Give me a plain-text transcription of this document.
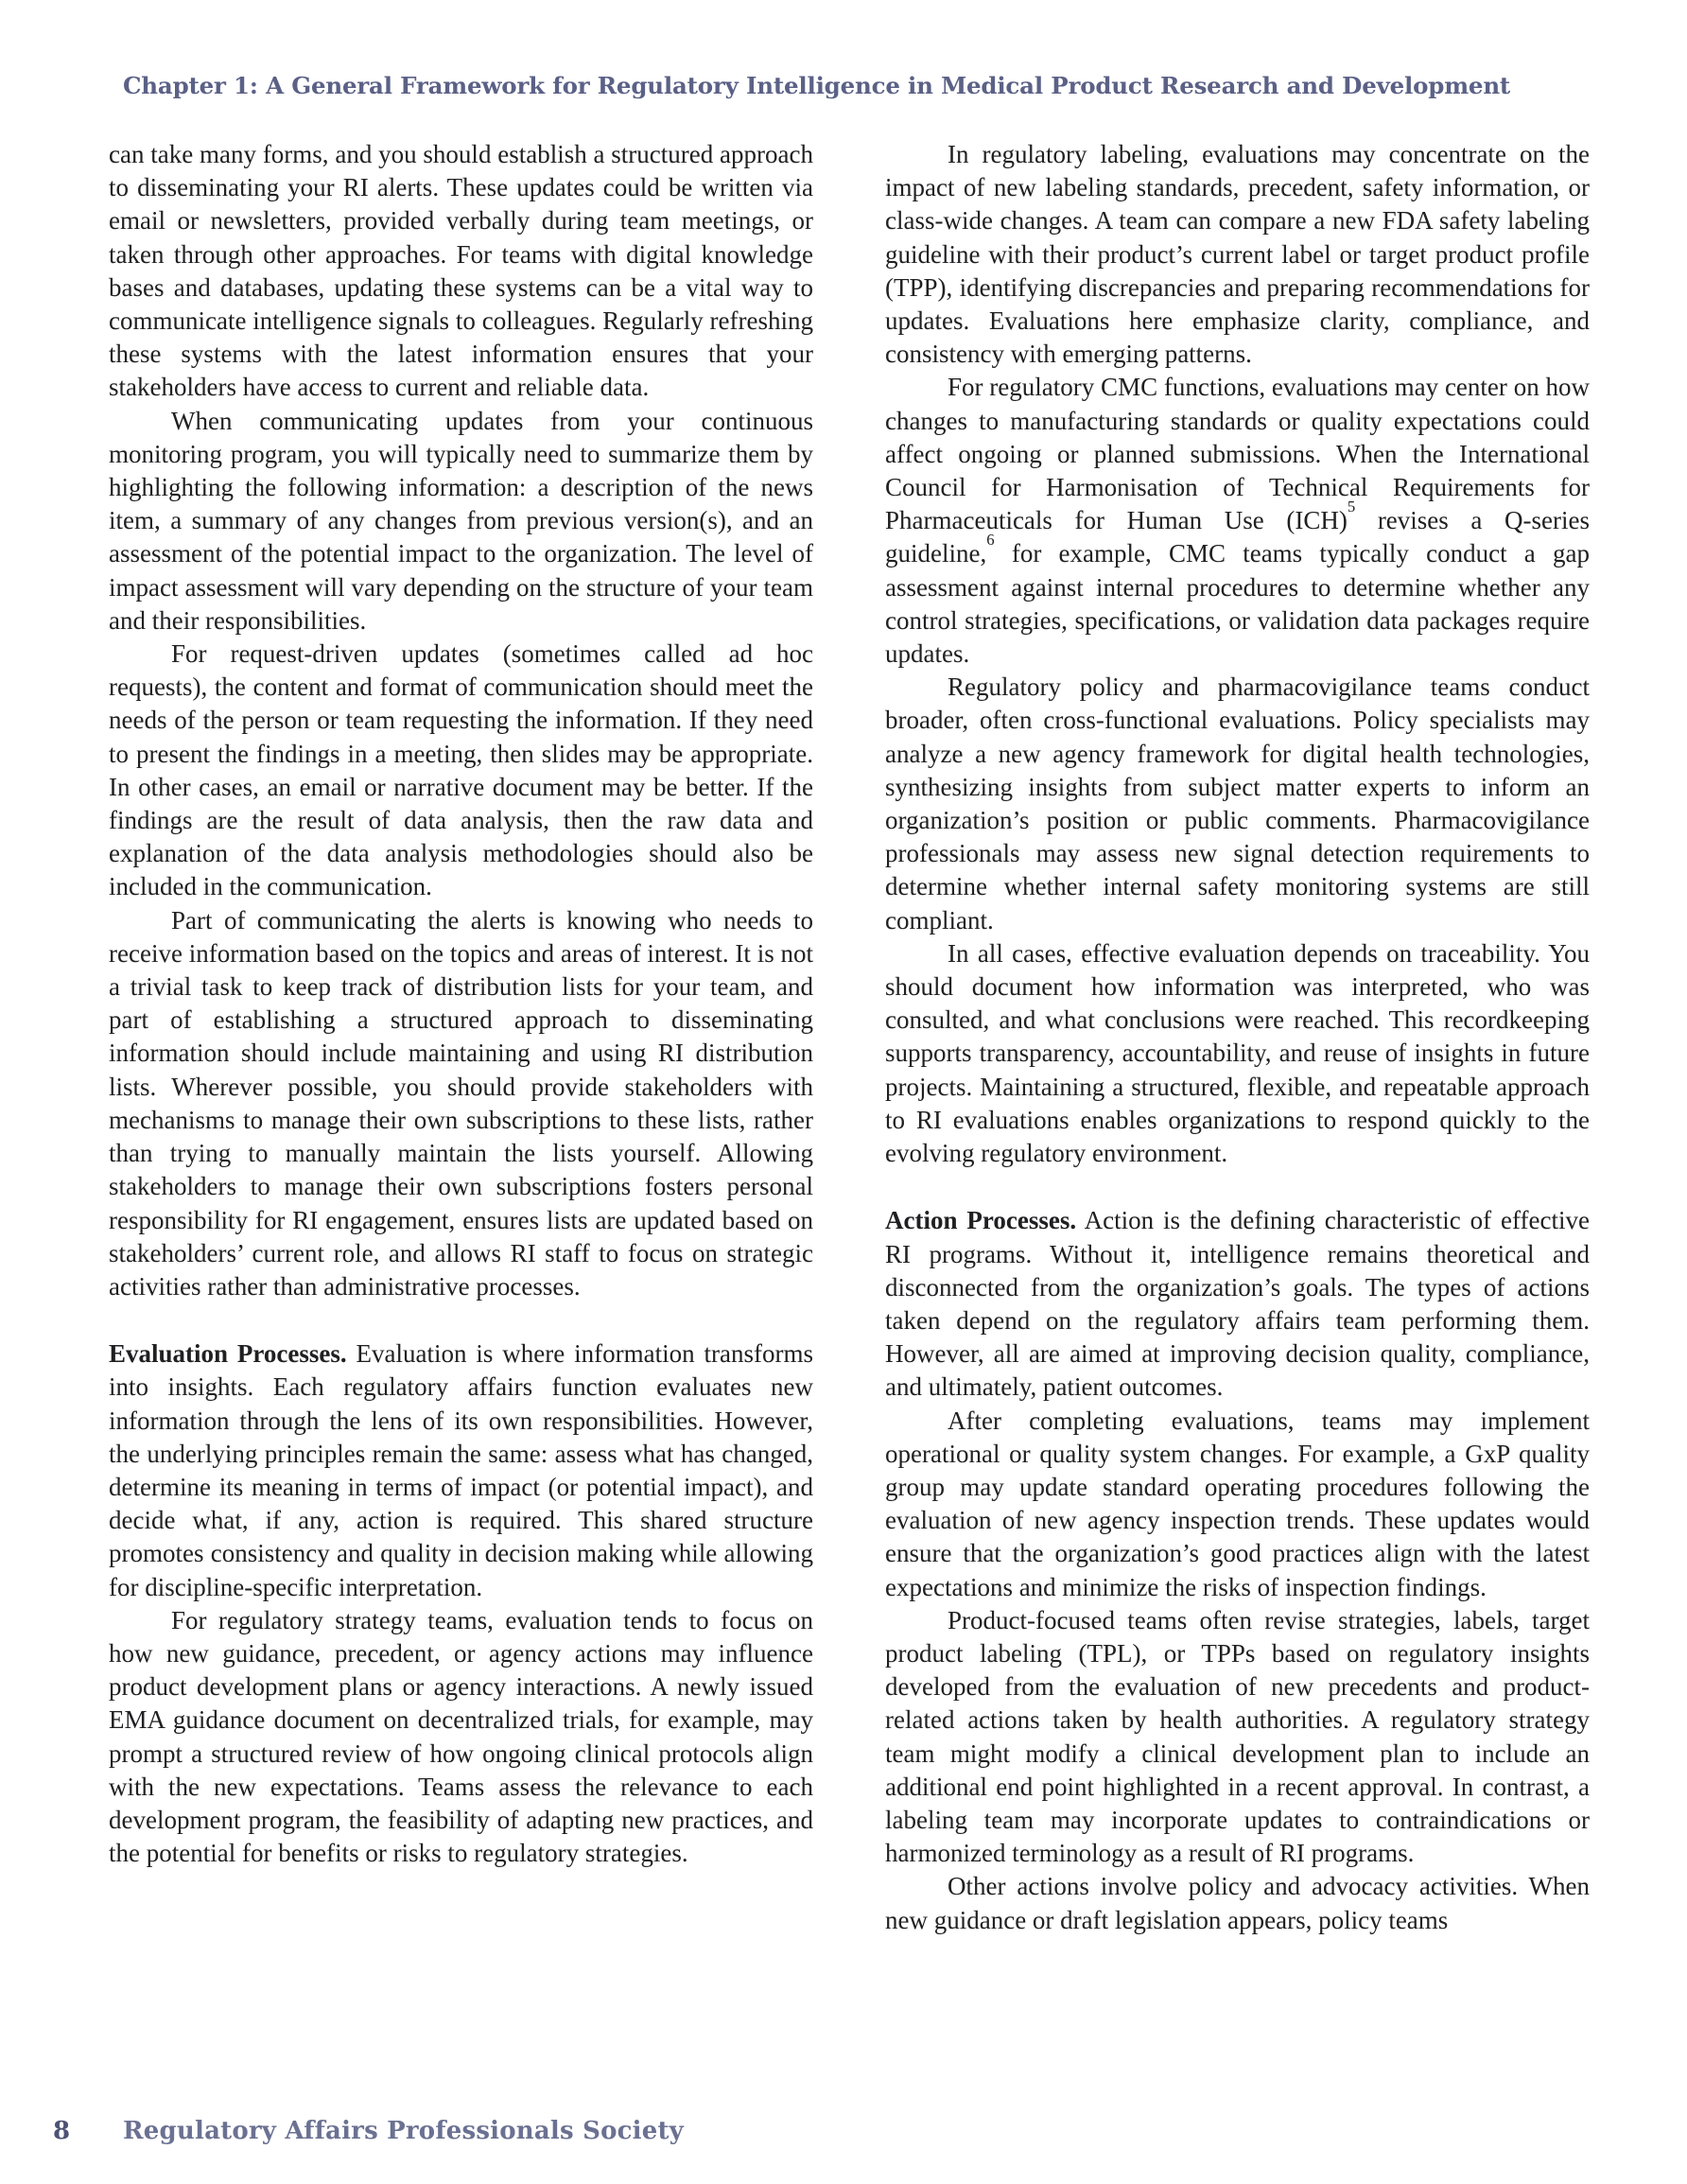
Chapter 1: A General Framework for Regulatory Intelligence in Medical Product Research and Development

can take many forms, and you should establish a structured approach to disseminating your RI alerts. These updates could be written via email or newsletters, provided verbally during team meetings, or taken through other approaches. For teams with digital knowledge bases and databases, updating these systems can be a vital way to communicate intelligence signals to colleagues. Regularly refreshing these systems with the latest information ensures that your stakeholders have access to current and reliable data.

When communicating updates from your continuous monitoring program, you will typically need to summarize them by highlighting the following information: a description of the news item, a summary of any changes from previous version(s), and an assessment of the potential impact to the organization. The level of impact assessment will vary depending on the structure of your team and their responsibilities.

For request-driven updates (sometimes called ad hoc requests), the content and format of communication should meet the needs of the person or team requesting the information. If they need to present the findings in a meeting, then slides may be appropriate. In other cases, an email or narrative document may be better. If the findings are the result of data analysis, then the raw data and explanation of the data analysis methodologies should also be included in the communication.

Part of communicating the alerts is knowing who needs to receive information based on the topics and areas of interest. It is not a trivial task to keep track of distribution lists for your team, and part of establishing a structured approach to disseminating information should include maintaining and using RI distribution lists. Wherever possible, you should provide stakeholders with mechanisms to manage their own subscriptions to these lists, rather than trying to manually maintain the lists yourself. Allowing stakeholders to manage their own subscriptions fosters personal responsibility for RI engagement, ensures lists are updated based on stakeholders’ current role, and allows RI staff to focus on strategic activities rather than administrative processes.

Evaluation Processes. Evaluation is where information transforms into insights. Each regulatory affairs function evaluates new information through the lens of its own responsibilities. However, the underlying principles remain the same: assess what has changed, determine its meaning in terms of impact (or potential impact), and decide what, if any, action is required. This shared structure promotes consistency and quality in decision making while allowing for discipline-specific interpretation.

For regulatory strategy teams, evaluation tends to focus on how new guidance, precedent, or agency actions may influence product development plans or agency interactions. A newly issued EMA guidance document on decentralized trials, for example, may prompt a structured review of how ongoing clinical protocols align with the new expectations. Teams assess the relevance to each development program, the feasibility of adapting new practices, and the potential for benefits or risks to regulatory strategies.

In regulatory labeling, evaluations may concentrate on the impact of new labeling standards, precedent, safety information, or class-wide changes. A team can compare a new FDA safety labeling guideline with their product’s current label or target product profile (TPP), identifying discrepancies and preparing recommendations for updates. Evaluations here emphasize clarity, compliance, and consistency with emerging patterns.

For regulatory CMC functions, evaluations may center on how changes to manufacturing standards or quality expectations could affect ongoing or planned submissions. When the International Council for Harmonisation of Technical Requirements for Pharmaceuticals for Human Use (ICH)$^5$ revises a Q-series guideline,$^6$ for example, CMC teams typically conduct a gap assessment against internal procedures to determine whether any control strategies, specifications, or validation data packages require updates.

Regulatory policy and pharmacovigilance teams conduct broader, often cross-functional evaluations. Policy specialists may analyze a new agency framework for digital health technologies, synthesizing insights from subject matter experts to inform an organization’s position or public comments. Pharmacovigilance professionals may assess new signal detection requirements to determine whether internal safety monitoring systems are still compliant.

In all cases, effective evaluation depends on traceability. You should document how information was interpreted, who was consulted, and what conclusions were reached. This recordkeeping supports transparency, accountability, and reuse of insights in future projects. Maintaining a structured, flexible, and repeatable approach to RI evaluations enables organizations to respond quickly to the evolving regulatory environment.

Action Processes. Action is the defining characteristic of effective RI programs. Without it, intelligence remains theoretical and disconnected from the organization’s goals. The types of actions taken depend on the regulatory affairs team performing them. However, all are aimed at improving decision quality, compliance, and ultimately, patient outcomes.

After completing evaluations, teams may implement operational or quality system changes. For example, a GxP quality group may update standard operating procedures following the evaluation of new agency inspection trends. These updates would ensure that the organization’s good practices align with the latest expectations and minimize the risks of inspection findings.

Product-focused teams often revise strategies, labels, target product labeling (TPL), or TPPs based on regulatory insights developed from the evaluation of new precedents and product-related actions taken by health authorities. A regulatory strategy team might modify a clinical development plan to include an additional end point highlighted in a recent approval. In contrast, a labeling team may incorporate updates to contraindications or harmonized terminology as a result of RI programs.

Other actions involve policy and advocacy activities. When new guidance or draft legislation appears, policy teams

8 Regulatory Affairs Professionals Society
